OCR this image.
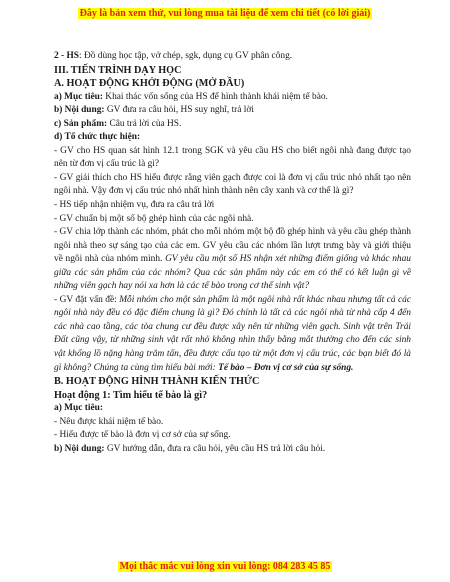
Đây là bản xem thử, vui lòng mua tài liệu để xem chi tiết (có lời giải)

2 - HS: Đồ dùng học tập, vở chép, sgk, dụng cụ GV phân công.

III. TIẾN TRÌNH DẠY HỌC

A. HOẠT ĐỘNG KHỞI ĐỘNG (MỞ ĐẦU)

a) Mục tiêu: Khai thác vốn sống của HS để hình thành khái niệm tế bào.

b) Nội dung: GV đưa ra câu hỏi, HS suy nghĩ, trả lời

c) Sản phẩm: Câu trả lời của HS.

d) Tổ chức thực hiện:

- GV cho HS quan sát hình 12.1 trong SGK và yêu cầu HS cho biết ngôi nhà đang được tạo nên từ đơn vị cấu trúc là gì?

- GV giải thích cho HS hiểu được rằng viên gạch được coi là đơn vị cấu trúc nhỏ nhất tạo nên ngôi nhà. Vậy đơn vị cấu trúc nhỏ nhất hình thành nên cây xanh và cơ thể là gì?

- HS tiếp nhận nhiệm vụ, đưa ra câu trả lời

- GV chuẩn bị một số bộ ghép hình của các ngôi nhà.

- GV chia lớp thành các nhóm, phát cho mỗi nhóm một bộ đồ ghép hình và yêu cầu ghép thành ngôi nhà theo sự sáng tạo của các em. GV yêu cầu các nhóm lần lượt trưng bày và giới thiệu về ngôi nhà của nhóm mình. GV yêu cầu một số HS nhận xét những điểm giống và khác nhau giữa các sản phẩm của các nhóm? Qua các sản phẩm này các em có thể có kết luận gì về những viên gạch hay nói xa hơn là các tế bào trong cơ thể sinh vật?

- GV đặt vấn đề: Mỗi nhóm cho một sản phẩm là một ngôi nhà rất khác nhau nhưng tất cả các ngôi nhà này đều có đặc điểm chung là gì? Đó chính là tất cả các ngôi nhà từ nhà cấp 4 đến các nhà cao tầng, các tòa chung cư đều được xây nên từ những viên gạch. Sinh vật trên Trái Đất cũng vậy, từ những sinh vật rất nhỏ không nhìn thấy bằng mắt thường cho đến các sinh vật khổng lồ nặng hàng trăm tấn, đều được cấu tạo từ một đơn vị cấu trúc, các bạn biết đó là gì không? Chúng ta cùng tìm hiểu bài mới: Tế bào – Đơn vị cơ sở của sự sống.

B. HOẠT ĐỘNG HÌNH THÀNH KIẾN THỨC

Hoạt động 1: Tìm hiểu tế bào là gì?

a) Mục tiêu:

- Nêu được khái niệm tế bào.

- Hiểu được tế bào là đơn vị cơ sở của sự sống.

b) Nội dung: GV hướng dẫn, đưa ra câu hỏi, yêu cầu HS trả lời câu hỏi.

Mọi thắc mắc vui lòng xin vui lòng: 084 283 45 85
